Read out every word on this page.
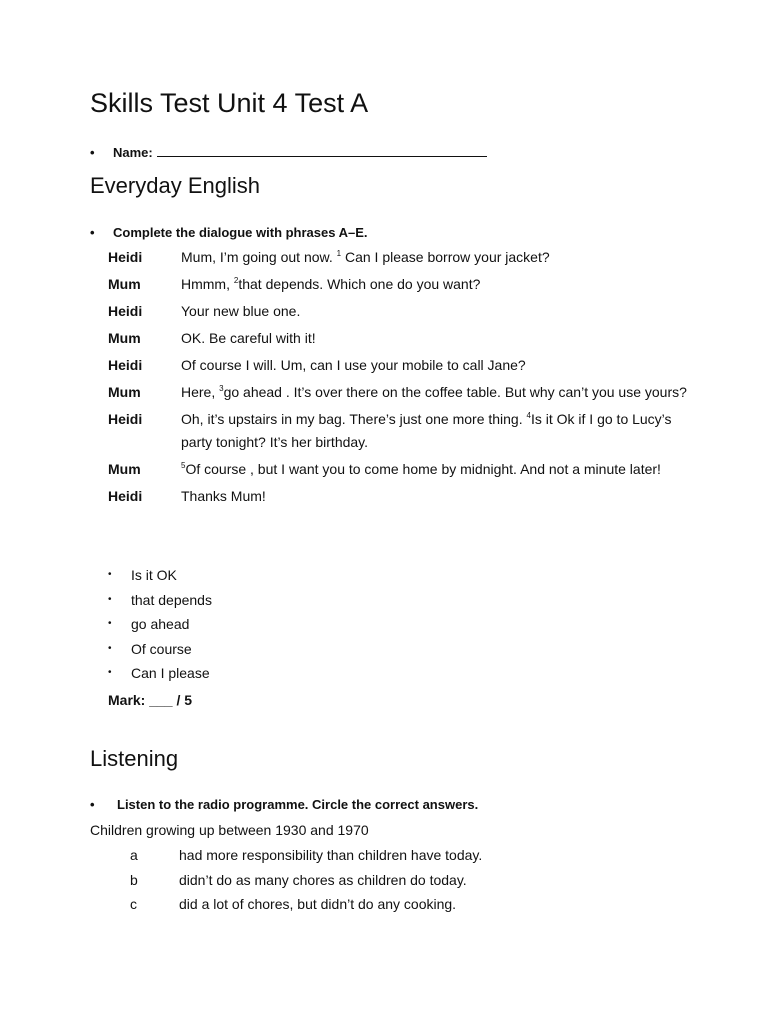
Skills Test Unit 4 Test A
• Name:
Everyday English
• Complete the dialogue with phrases A–E.
Heidi	Mum, I’m going out now. $^1$ Can I please borrow your jacket?
Mum	Hmmm, $^2$that depends. Which one do you want?
Heidi	Your new blue one.
Mum	OK. Be careful with it!
Heidi	Of course I will. Um, can I use your mobile to call Jane?
Mum	Here, $^3$go ahead . It’s over there on the coffee table. But why can’t you use yours?
Heidi	Oh, it’s upstairs in my bag. There’s just one more thing. $^4$Is it Ok if I go to Lucy’s party tonight? It’s her birthday.
Mum	$^5$Of course , but I want you to come home by midnight. And not a minute later!
Heidi	Thanks Mum!
•	Is it OK
•	that depends
•	go ahead
•	Of course
•	Can I please
Mark: ___ / 5
Listening
• Listen to the radio programme. Circle the correct answers.
Children growing up between 1930 and 1970
a	had more responsibility than children have today.
b	didn’t do as many chores as children do today.
c	did a lot of chores, but didn’t do any cooking.
